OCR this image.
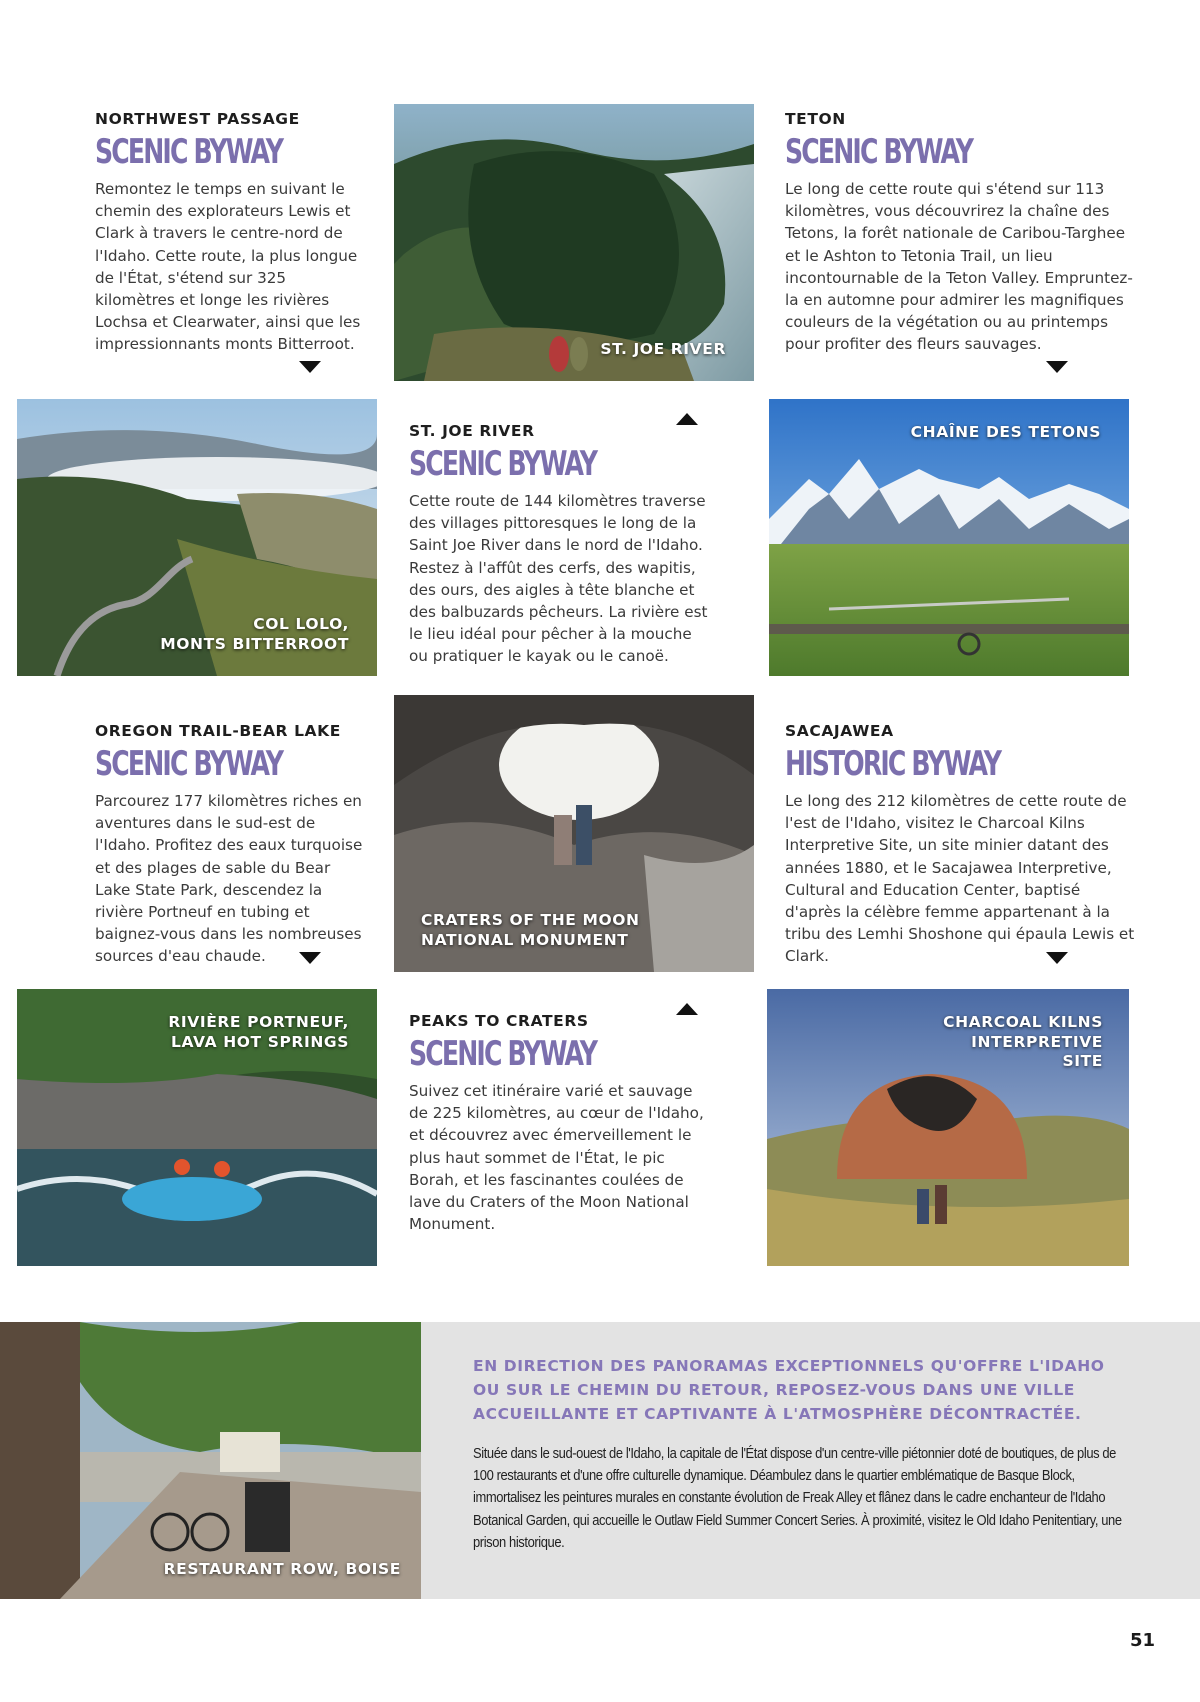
NORTHWEST PASSAGE

SCENIC BYWAY

Remontez le temps en suivant le chemin des explorateurs Lewis et Clark à travers le centre-nord de l'Idaho. Cette route, la plus longue de l'État, s'étend sur 325 kilomètres et longe les rivières Lochsa et Clearwater, ainsi que les impressionnants monts Bitterroot.	ST. JOE RIVER

TETON

SCENIC BYWAY

Le long de cette route qui s'étend sur 113 kilomètres, vous découvrirez la chaîne des Tetons, la forêt nationale de Caribou-Targhee et le Ashton to Tetonia Trail, un lieu incontournable de la Teton Valley. Empruntez-la en automne pour admirer les magnifiques couleurs de la végétation ou au printemps pour profiter des fleurs sauvages.

COL LOLO,
MONTS BITTERROOT

ST. JOE RIVER

SCENIC BYWAY

Cette route de 144 kilomètres traverse des villages pittoresques le long de la Saint Joe River dans le nord de l'Idaho. Restez à l'affût des cerfs, des wapitis, des ours, des aigles à tête blanche et des balbuzards pêcheurs. La rivière est le lieu idéal pour pêcher à la mouche ou pratiquer le kayak ou le canoë.

CHAÎNE DES TETONS

OREGON TRAIL-BEAR LAKE

SCENIC BYWAY

Parcourez 177 kilomètres riches en aventures dans le sud-est de l'Idaho. Profitez des eaux turquoise et des plages de sable du Bear Lake State Park, descendez la rivière Portneuf en tubing et baignez-vous dans les nombreuses sources d'eau chaude.

CRATERS OF THE MOON
NATIONAL MONUMENT

SACAJAWEA

HISTORIC BYWAY

Le long des 212 kilomètres de cette route de l'est de l'Idaho, visitez le Charcoal Kilns Interpretive Site, un site minier datant des années 1880, et le Sacajawea Interpretive, Cultural and Education Center, baptisé d'après la célèbre femme appartenant à la tribu des Lemhi Shoshone qui épaula Lewis et Clark.

RIVIÈRE PORTNEUF,
LAVA HOT SPRINGS

PEAKS TO CRATERS

SCENIC BYWAY

Suivez cet itinéraire varié et sauvage de 225 kilomètres, au cœur de l'Idaho, et découvrez avec émerveillement le plus haut sommet de l'État, le pic Borah, et les fascinantes coulées de lave du Craters of the Moon National Monument.

CHARCOAL KILNS
INTERPRETIVE
SITE
RESTAURANT ROW, BOISE

EN DIRECTION DES PANORAMAS EXCEPTIONNELS QU'OFFRE L'IDAHO OU SUR LE CHEMIN DU RETOUR, REPOSEZ-VOUS DANS UNE VILLE ACCUEILLANTE ET CAPTIVANTE À L'ATMOSPHÈRE DÉCONTRACTÉE.

Située dans le sud-ouest de l'Idaho, la capitale de l'État dispose d'un centre-ville piétonnier doté de boutiques, de plus de 100 restaurants et d'une offre culturelle dynamique. Déambulez dans le quartier emblématique de Basque Block, immortalisez les peintures murales en constante évolution de Freak Alley et flânez dans le cadre enchanteur de l'Idaho Botanical Garden, qui accueille le Outlaw Field Summer Concert Series. À proximité, visitez le Old Idaho Penitentiary, une prison historique.

51
